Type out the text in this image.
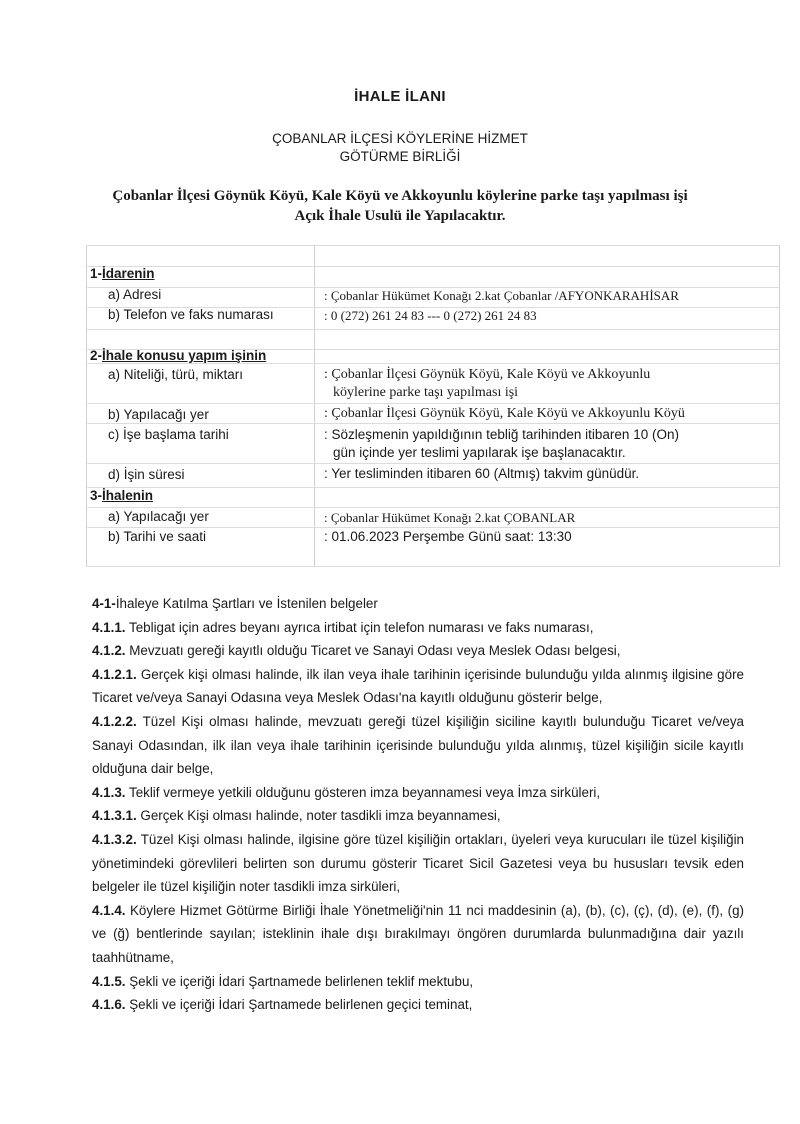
İHALE İLANI
ÇOBANLAR İLÇESİ KÖYLERİNE HİZMET
GÖTÜRME BİRLİĞİ
Çobanlar İlçesi Göynük Köyü, Kale Köyü ve Akkoyunlu köylerine parke taşı yapılması işi
Açık İhale Usulü ile Yapılacaktır.
1-İdarenin
a) Adresi	: Çobanlar Hükümet Konağı 2.kat Çobanlar /AFYONKARAHİSAR
b) Telefon ve faks numarası	: 0 (272) 261 24 83 --- 0 (272) 261 24 83
2-İhale konusu yapım işinin
a) Niteliği, türü, miktarı	: Çobanlar İlçesi Göynük Köyü, Kale Köyü ve Akkoyunlu
köylerine parke taşı yapılması işi
b) Yapılacağı yer	: Çobanlar İlçesi Göynük Köyü, Kale Köyü ve Akkoyunlu Köyü
c) İşe başlama tarihi	: Sözleşmenin yapıldığının tebliğ tarihinden itibaren 10 (On)
gün içinde yer teslimi yapılarak işe başlanacaktır.
d) İşin süresi	: Yer tesliminden itibaren 60 (Altmış) takvim günüdür.
3-İhalenin
a) Yapılacağı yer	: Çobanlar Hükümet Konağı 2.kat ÇOBANLAR
b) Tarihi ve saati	: 01.06.2023 Perşembe Günü saat: 13:30

4-1-İhaleye Katılma Şartları ve İstenilen belgeler

4.1.1. Tebligat için adres beyanı ayrıca irtibat için telefon numarası ve faks numarası,

4.1.2. Mevzuatı gereği kayıtlı olduğu Ticaret ve Sanayi Odası veya Meslek Odası belgesi,

4.1.2.1. Gerçek kişi olması halinde, ilk ilan veya ihale tarihinin içerisinde bulunduğu yılda alınmış ilgisine göre Ticaret ve/veya Sanayi Odasına veya Meslek Odası'na kayıtlı olduğunu gösterir belge,

4.1.2.2. Tüzel Kişi olması halinde, mevzuatı gereği tüzel kişiliğin siciline kayıtlı bulunduğu Ticaret ve/veya Sanayi Odasından, ilk ilan veya ihale tarihinin içerisinde bulunduğu yılda alınmış, tüzel kişiliğin sicile kayıtlı olduğuna dair belge,

4.1.3. Teklif vermeye yetkili olduğunu gösteren imza beyannamesi veya İmza sirküleri,

4.1.3.1. Gerçek Kişi olması halinde, noter tasdikli imza beyannamesi,

4.1.3.2. Tüzel Kişi olması halinde, ilgisine göre tüzel kişiliğin ortakları, üyeleri veya kurucuları ile tüzel kişiliğin yönetimindeki görevlileri belirten son durumu gösterir Ticaret Sicil Gazetesi veya bu hususları tevsik eden belgeler ile tüzel kişiliğin noter tasdikli imza sirküleri,

4.1.4. Köylere Hizmet Götürme Birliği İhale Yönetmeliği'nin 11 nci maddesinin (a), (b), (c), (ç), (d), (e), (f), (g) ve (ğ) bentlerinde sayılan; isteklinin ihale dışı bırakılmayı öngören durumlarda bulunmadığına dair yazılı taahhütname,

4.1.5. Şekli ve içeriği İdari Şartnamede belirlenen teklif mektubu,

4.1.6. Şekli ve içeriği İdari Şartnamede belirlenen geçici teminat,
